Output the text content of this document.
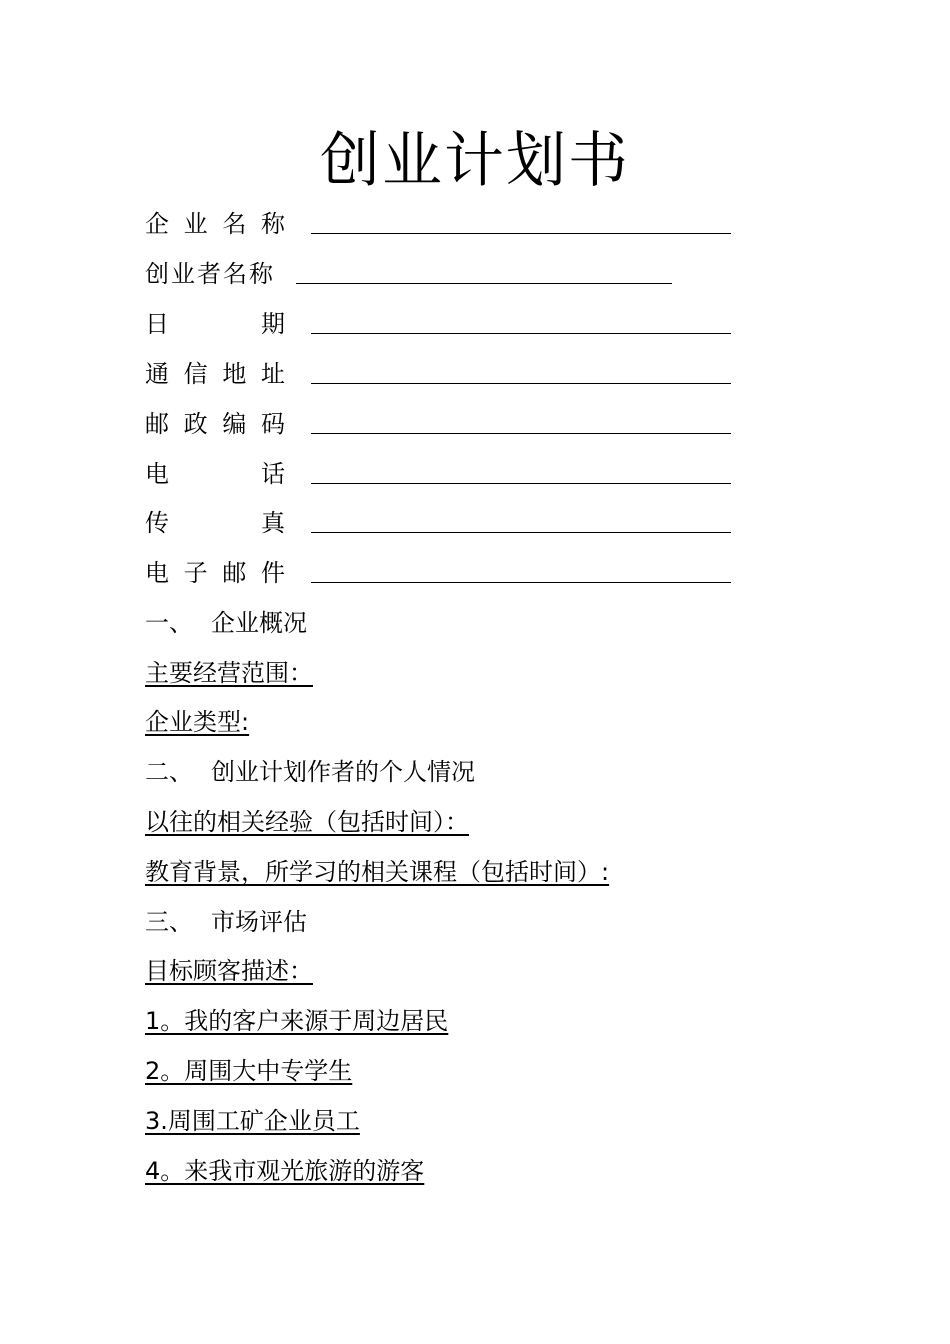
创业计划书
企 业 名 称
创业者名称
日	期
通 信 地 址
邮 政 编 码
电	话
传	真
电 子 邮 件
一、 企业概况
主要经营范围：
企业类型:
二、 创业计划作者的个人情况
以往的相关经验（包括时间）：
教育背景，所学习的相关课程（包括时间）:
三、 市场评估
目标顾客描述：
1。我的客户来源于周边居民
2。周围大中专学生
3.周围工矿企业员工
4。来我市观光旅游的游客
